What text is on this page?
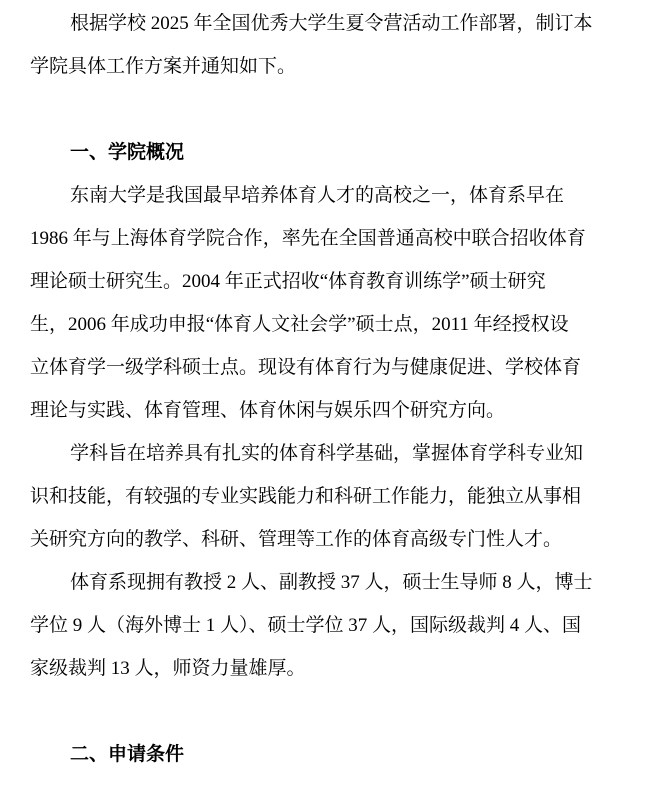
根据学校 2025 年全国优秀大学生夏令营活动工作部署，制订本
学院具体工作方案并通知如下。
一、学院概况
东南大学是我国最早培养体育人才的高校之一，体育系早在
1986 年与上海体育学院合作，率先在全国普通高校中联合招收体育
理论硕士研究生。2004 年正式招收“体育教育训练学”硕士研究
生，2006 年成功申报“体育人文社会学”硕士点，2011 年经授权设
立体育学一级学科硕士点。现设有体育行为与健康促进、学校体育
理论与实践、体育管理、体育休闲与娱乐四个研究方向。
学科旨在培养具有扎实的体育科学基础，掌握体育学科专业知
识和技能，有较强的专业实践能力和科研工作能力，能独立从事相
关研究方向的教学、科研、管理等工作的体育高级专门性人才。
体育系现拥有教授 2 人、副教授 37 人，硕士生导师 8 人，博士
学位 9 人（海外博士 1 人）、硕士学位 37 人，国际级裁判 4 人、国
家级裁判 13 人，师资力量雄厚。
二、申请条件
